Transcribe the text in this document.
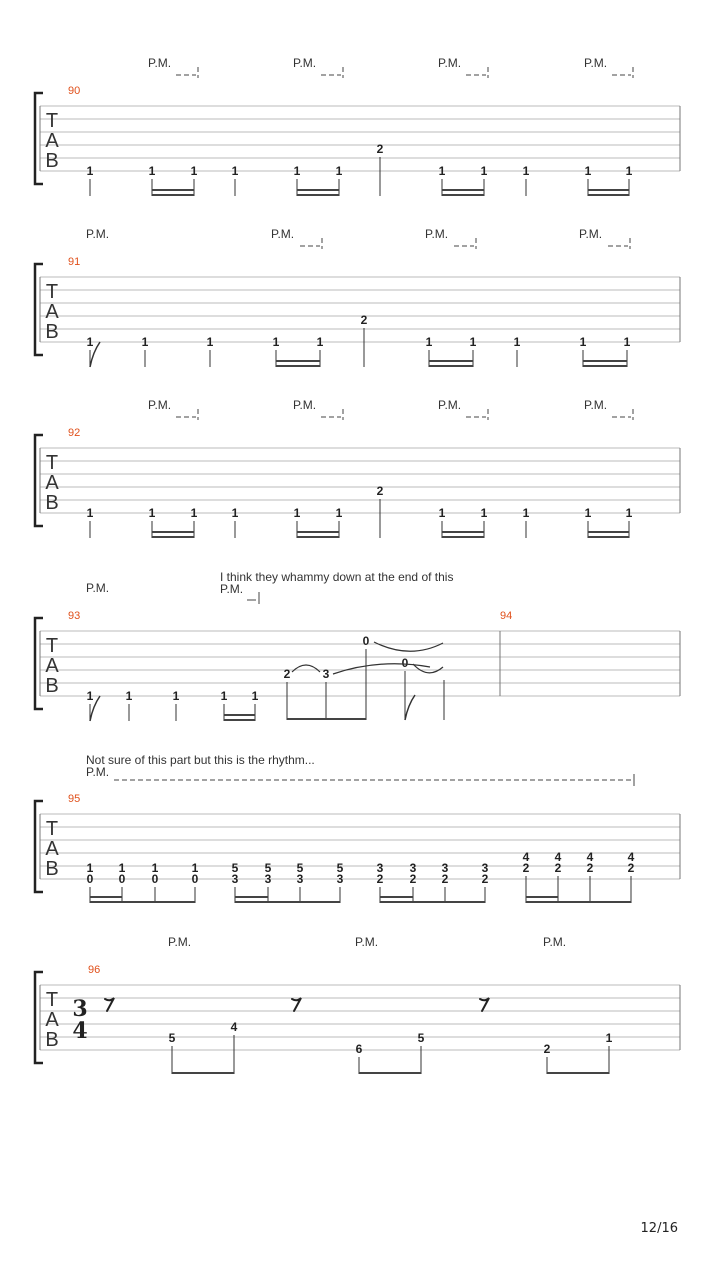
P.M.	P.M.	P.M.	P.M.
90
T
A
B 1	1	1	1	1	1
2
1	1	1	1	1
P.M.	P.M.	P.M.	P.M.
91
T
A
B 1	1	1	1	1
2
1	1	1	1	1
P.M.	P.M.	P.M.	P.M.
92
T
A
B 1	1	1	1	1	1
2
1	1	1	1	1
I think they whammy down at the end of this
P.M.	P.M.
93	94
T
A
B 1	1	1	1 1
2	3
0
0
Not sure of this part but this is the rhythm...
P.M.
95
T
A
B 1
0
1
0
1
0
1
0
5
3
5
3
5
3
5
3
3
2
3
2
3
2
3
2
4
2
4
2
4
2
4
2
P.M.	P.M.	P.M.
96
T
A
B
3
4	5
4
6
5
2
1
12/16
